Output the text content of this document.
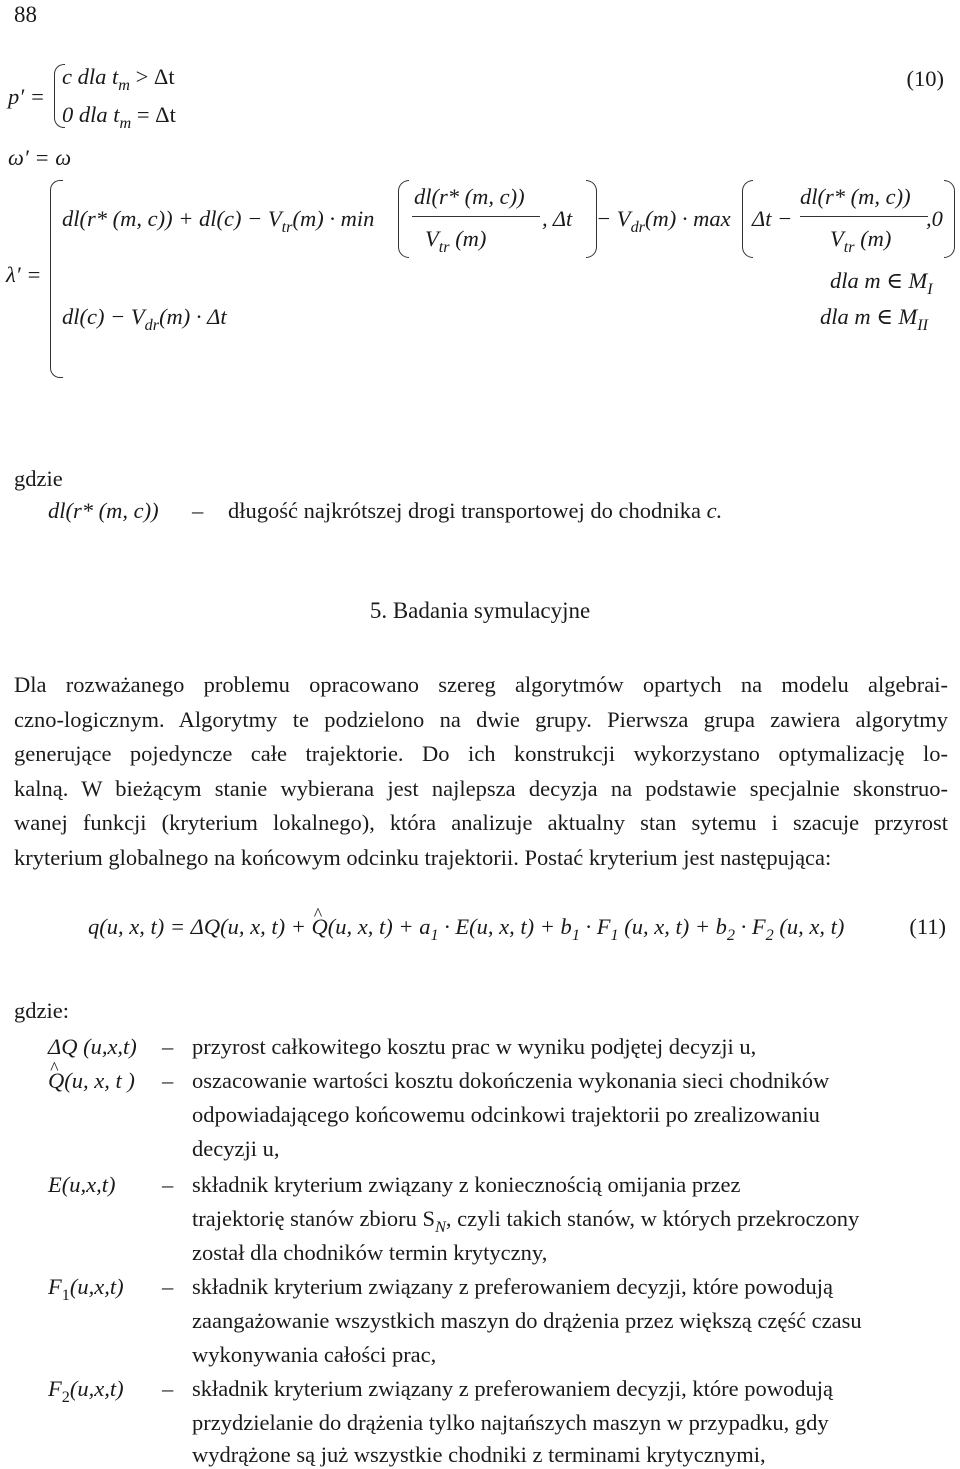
88
p′ =
c dla $t_m > \Delta t$
0 dla $t_m = \Delta t$
(10)
ω′ = ω
λ′ =
dl(r* (m, $c)) + dl(c) - V_{tr}(m) \cdot \min$
dl(r* (m, c))
$V_{tr}$ (m)
, $\Delta t - V_{dr}(m) \cdot \max \Delta t$ −
dl(r* (m, c))
$V_{tr}$ (m)
,0
dla m ∈ $M_I$
$dl(c) - V_{dr}(m) \cdot \Delta t$	dla m ∈ $M_{II}$
gdzie
dl(r* (m, c)) – długość najkrótszej drogi transportowej do chodnika c.
5. Badania symulacyjne
Dla rozważanego problemu opracowano szereg algorytmów opartych na modelu algebrai-
czno-logicznym. Algorytmy te podzielono na dwie grupy. Pierwsza grupa zawiera algorytmy
generujące pojedyncze całe trajektorie. Do ich konstrukcji wykorzystano optymalizację lo-
kalną. W bieżącym stanie wybierana jest najlepsza decyzja na podstawie specjalnie skonstruo-
wanej funkcji (kryterium lokalnego), która analizuje aktualny stan sytemu i szacuje przyrost
kryterium globalnego na końcowym odcinku trajektorii. Postać kryterium jest następująca:
q(u, x, t) = ΔQ(u, x, t) + Q ^(u, x, $t) + a_1 \cdot E(u$, x, $t) + b_1 \cdot F_1$ (u, x, $t) + b_2 \cdot F_2$ (u, x, t)	(11)
gdzie:
ΔQ (u,x,t) – przyrost całkowitego kosztu prac w wyniku podjętej decyzji u,
Q(u, x, t ) ^ – oszacowanie wartości kosztu dokończenia wykonania sieci chodników
odpowiadającego końcowemu odcinkowi trajektorii po zrealizowaniu
decyzji u,
E(u,x,t) – składnik kryterium związany z koniecznością omijania przez
trajektorię stanów zbioru $S_N$, czyli takich stanów, w których przekroczony
został dla chodników termin krytyczny,
$F_1(u,x,t)$ – składnik kryterium związany z preferowaniem decyzji, które powodują
zaangażowanie wszystkich maszyn do drążenia przez większą część czasu
wykonywania całości prac,
$F_2(u,x,t)$ – składnik kryterium związany z preferowaniem decyzji, które powodują
przydzielanie do drążenia tylko najtańszych maszyn w przypadku, gdy
wydrążone są już wszystkie chodniki z terminami krytycznymi,
